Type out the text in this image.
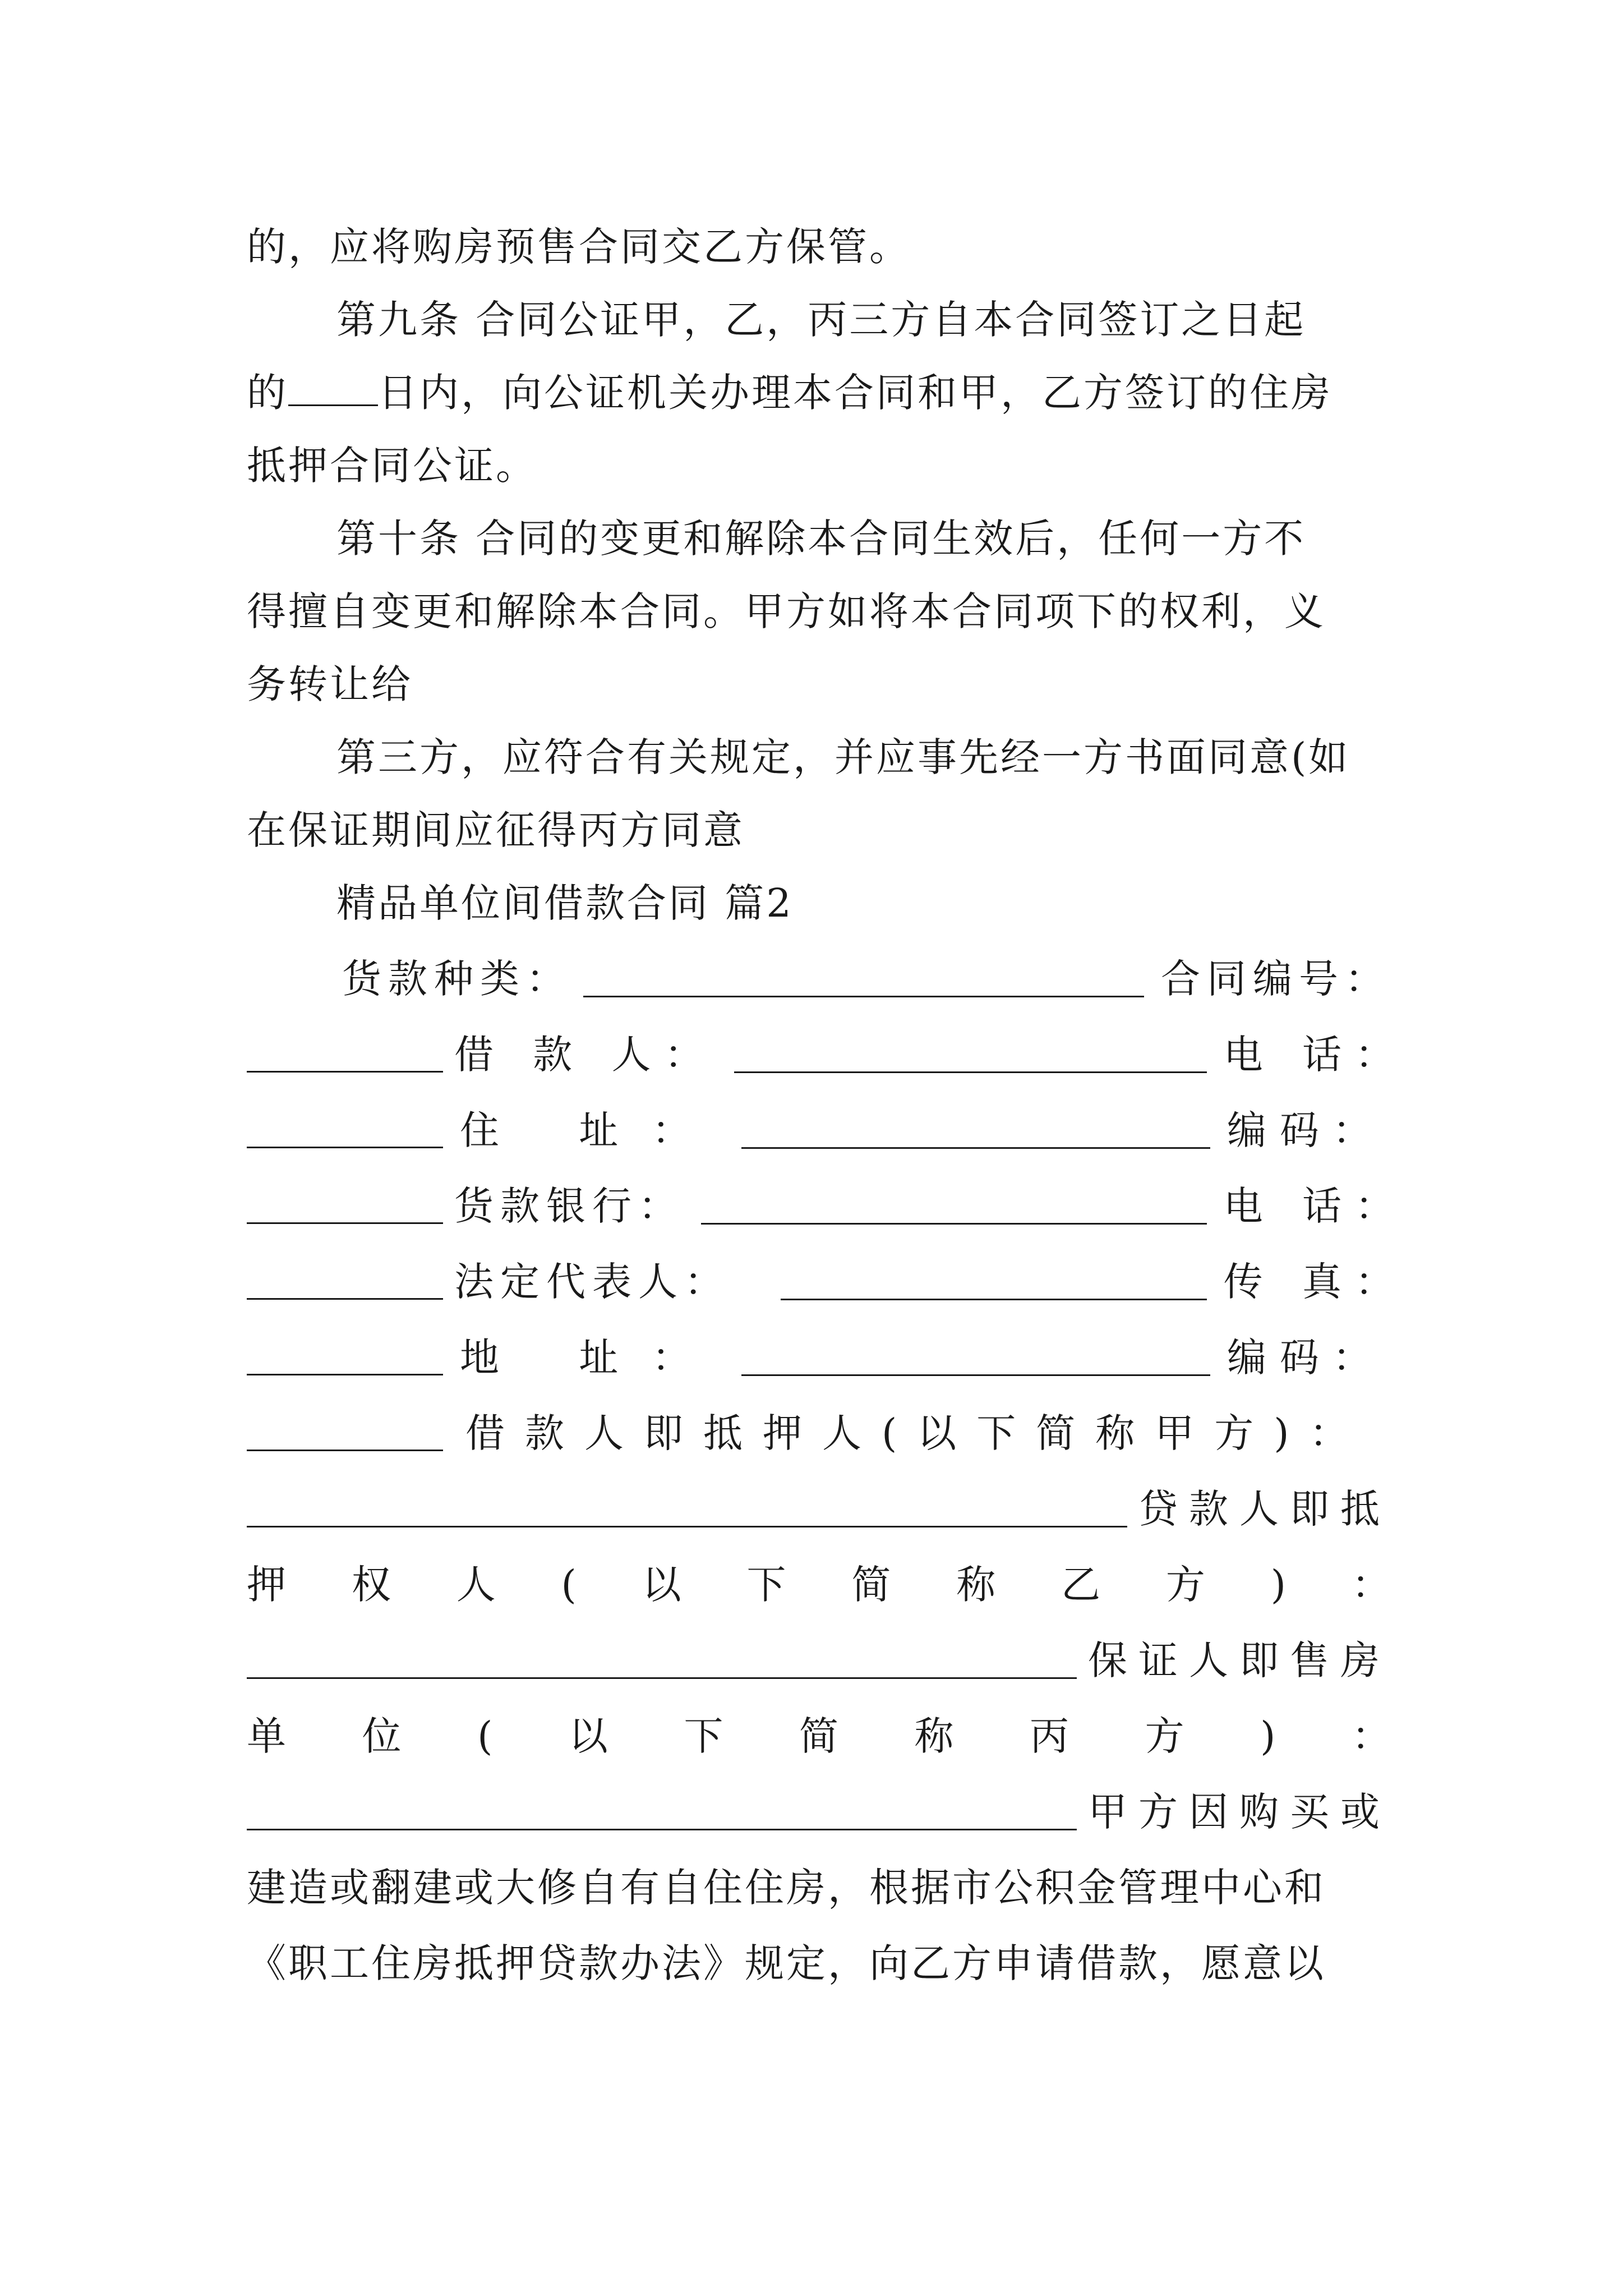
的，应将购房预售合同交乙方保管。
第九条 合同公证甲，乙，丙三方自本合同签订之日起
的 日内，向公证机关办理本合同和甲，乙方签订的住房
抵押合同公证。
第十条 合同的变更和解除本合同生效后，任何一方不
得擅自变更和解除本合同。甲方如将本合同项下的权利，义
务转让给
第三方，应符合有关规定，并应事先经一方书面同意(如
在保证期间应征得丙方同意
精品单位间借款合同 篇2
货款种类：	合同编号：
借 款 人：	电 话：
住 址：	编码：
货款银行：	电 话：
法定代表人：	传 真：
地 址：	编码：
借款人即抵押人(以下简称甲方)：
贷款人即抵
押 权 人 ( 以 下 简 称 乙 方 ) ：
保证人即售房
单 位 ( 以 下 简 称 丙 方 ) ：
甲方因购买或
建造或翻建或大修自有自住住房，根据市公积金管理中心和
《职工住房抵押贷款办法》规定，向乙方申请借款，愿意以
